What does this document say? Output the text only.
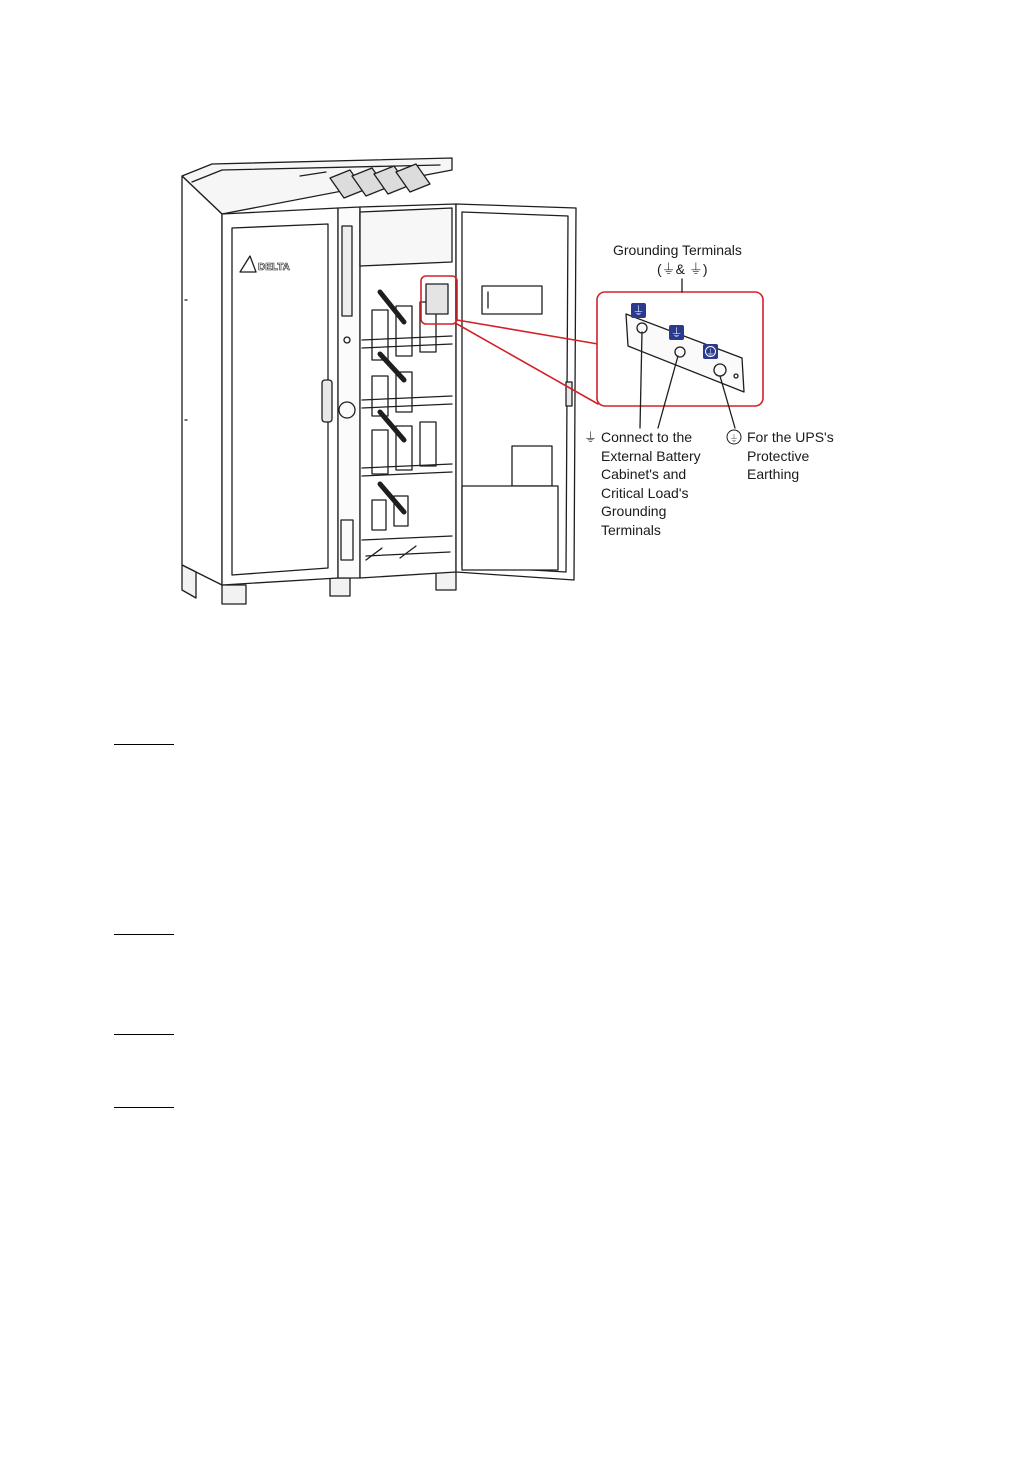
DELTA
⏚
⏚
⏚
⏚	⏚
Grounding Terminals
(⏚& ⏚)
Connect to the
External Battery
Cabinet's and
Critical Load's
Grounding
Terminals
For the UPS's
Protective
Earthing
